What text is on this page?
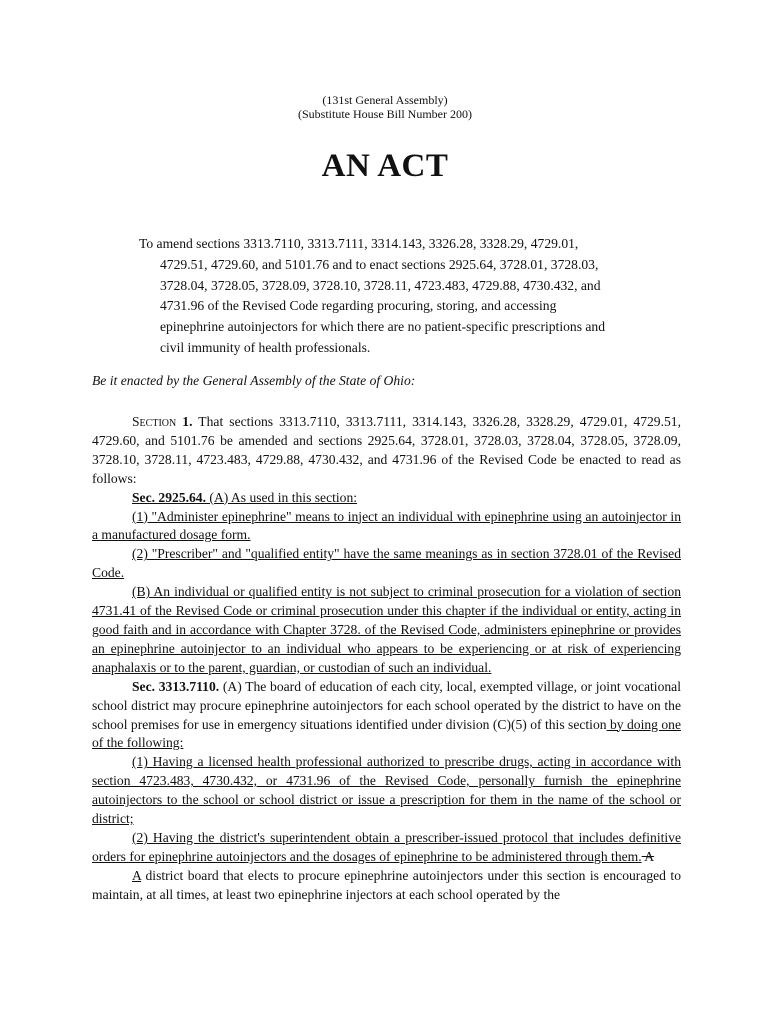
(131st General Assembly)
(Substitute House Bill Number 200)
AN ACT
To amend sections 3313.7110, 3313.7111, 3314.143, 3326.28, 3328.29, 4729.01,
4729.51, 4729.60, and 5101.76 and to enact sections 2925.64, 3728.01, 3728.03,
3728.04, 3728.05, 3728.09, 3728.10, 3728.11, 4723.483, 4729.88, 4730.432, and
4731.96 of the Revised Code regarding procuring, storing, and accessing
epinephrine autoinjectors for which there are no patient-specific prescriptions and
civil immunity of health professionals.
Be it enacted by the General Assembly of the State of Ohio:

Section 1. That sections 3313.7110, 3313.7111, 3314.143, 3326.28, 3328.29, 4729.01, 4729.51, 4729.60, and 5101.76 be amended and sections 2925.64, 3728.01, 3728.03, 3728.04, 3728.05, 3728.09, 3728.10, 3728.11, 4723.483, 4729.88, 4730.432, and 4731.96 of the Revised Code be enacted to read as follows:

Sec. 2925.64. (A) As used in this section:

(1) "Administer epinephrine" means to inject an individual with epinephrine using an autoinjector in a manufactured dosage form.

(2) "Prescriber" and "qualified entity" have the same meanings as in section 3728.01 of the Revised Code.

(B) An individual or qualified entity is not subject to criminal prosecution for a violation of section 4731.41 of the Revised Code or criminal prosecution under this chapter if the individual or entity, acting in good faith and in accordance with Chapter 3728. of the Revised Code, administers epinephrine or provides an epinephrine autoinjector to an individual who appears to be experiencing or at risk of experiencing anaphalaxis or to the parent, guardian, or custodian of such an individual.

Sec. 3313.7110. (A) The board of education of each city, local, exempted village, or joint vocational school district may procure epinephrine autoinjectors for each school operated by the district to have on the school premises for use in emergency situations identified under division (C)(5) of this section by doing one of the following:

(1) Having a licensed health professional authorized to prescribe drugs, acting in accordance with section 4723.483, 4730.432, or 4731.96 of the Revised Code, personally furnish the epinephrine autoinjectors to the school or school district or issue a prescription for them in the name of the school or district;

(2) Having the district's superintendent obtain a prescriber-issued protocol that includes definitive orders for epinephrine autoinjectors and the dosages of epinephrine to be administered through them. A

A district board that elects to procure epinephrine autoinjectors under this section is encouraged to maintain, at all times, at least two epinephrine injectors at each school operated by the
